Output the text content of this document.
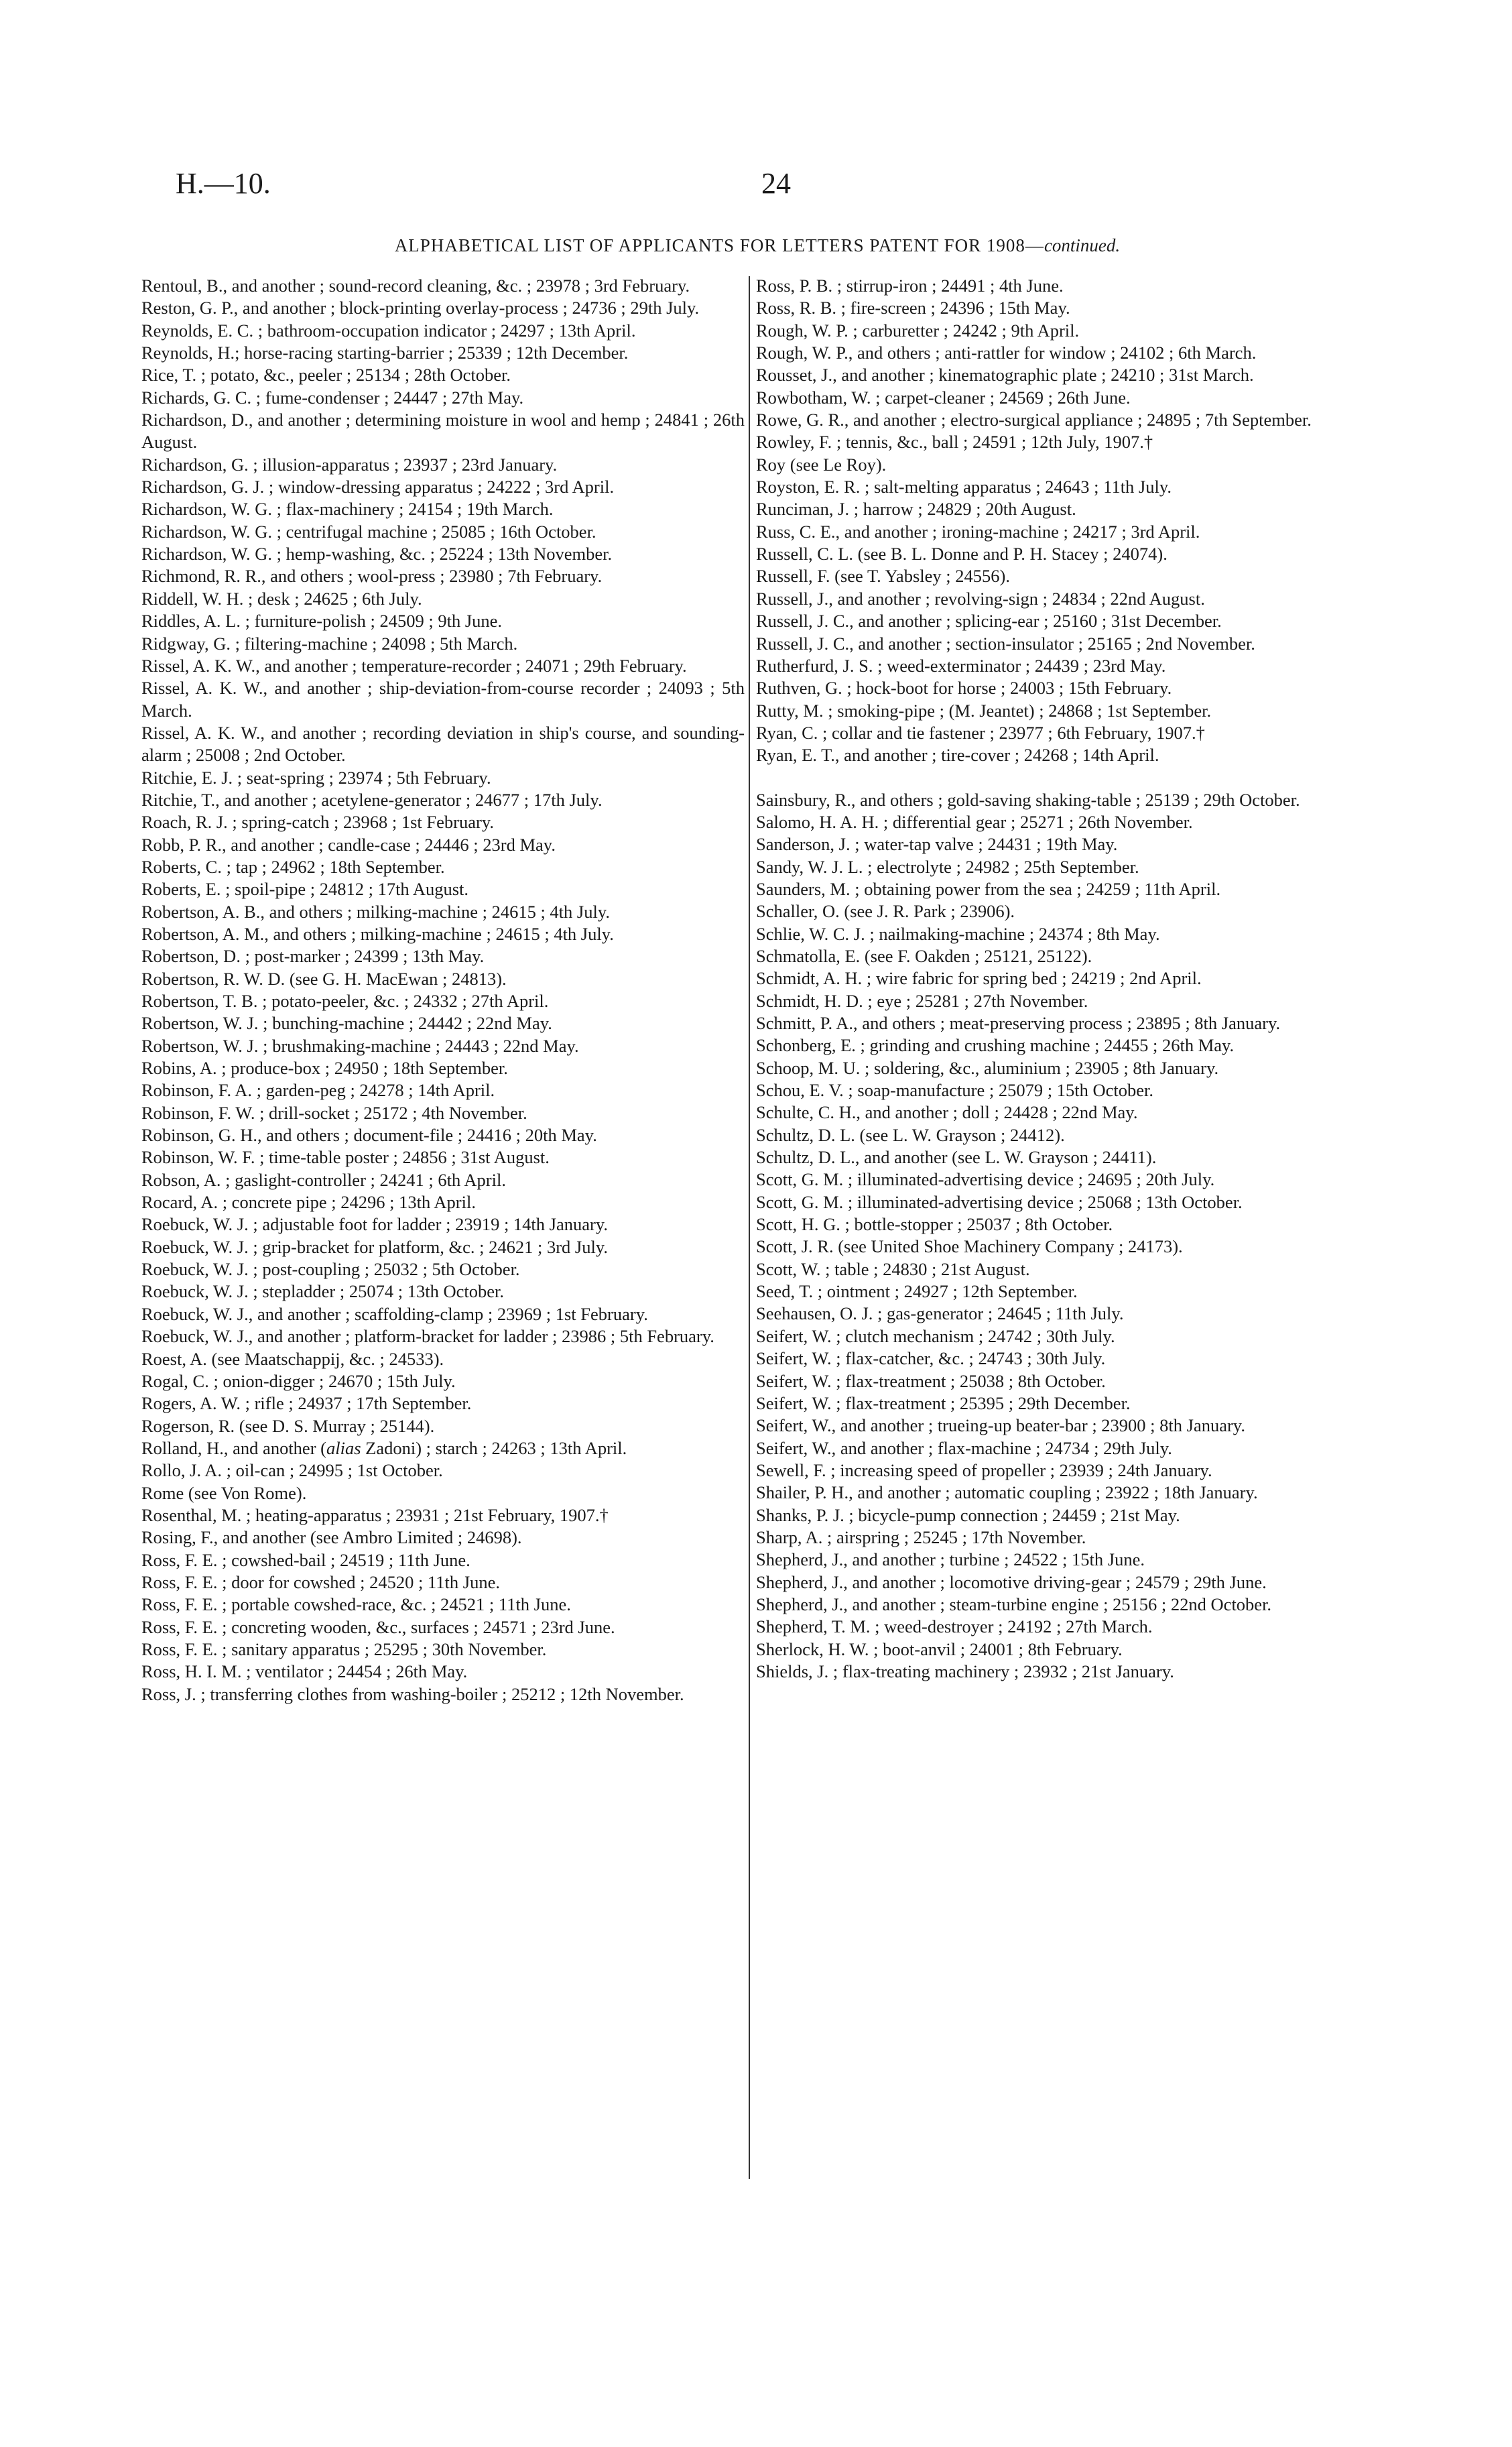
H.—10.	24
ALPHABETICAL LIST OF APPLICANTS FOR LETTERS PATENT FOR 1908—continued.

Rentoul, B., and another ; sound-record cleaning, &c. ; 23978 ; 3rd February.

Reston, G. P., and another ; block-printing overlay-process ; 24736 ; 29th July.

Reynolds, E. C. ; bathroom-occupation indicator ; 24297 ; 13th April.

Reynolds, H.; horse-racing starting-barrier ; 25339 ; 12th December.

Rice, T. ; potato, &c., peeler ; 25134 ; 28th October.

Richards, G. C. ; fume-condenser ; 24447 ; 27th May.

Richardson, D., and another ; determining moisture in wool and hemp ; 24841 ; 26th August.

Richardson, G. ; illusion-apparatus ; 23937 ; 23rd January.

Richardson, G. J. ; window-dressing apparatus ; 24222 ; 3rd April.

Richardson, W. G. ; flax-machinery ; 24154 ; 19th March.

Richardson, W. G. ; centrifugal machine ; 25085 ; 16th October.

Richardson, W. G. ; hemp-washing, &c. ; 25224 ; 13th November.

Richmond, R. R., and others ; wool-press ; 23980 ; 7th February.

Riddell, W. H. ; desk ; 24625 ; 6th July.

Riddles, A. L. ; furniture-polish ; 24509 ; 9th June.

Ridgway, G. ; filtering-machine ; 24098 ; 5th March.

Rissel, A. K. W., and another ; temperature-recorder ; 24071 ; 29th February.

Rissel, A. K. W., and another ; ship-deviation-from-course recorder ; 24093 ; 5th March.

Rissel, A. K. W., and another ; recording deviation in ship's course, and sounding-alarm ; 25008 ; 2nd October.

Ritchie, E. J. ; seat-spring ; 23974 ; 5th February.

Ritchie, T., and another ; acetylene-generator ; 24677 ; 17th July.

Roach, R. J. ; spring-catch ; 23968 ; 1st February.

Robb, P. R., and another ; candle-case ; 24446 ; 23rd May.

Roberts, C. ; tap ; 24962 ; 18th September.

Roberts, E. ; spoil-pipe ; 24812 ; 17th August.

Robertson, A. B., and others ; milking-machine ; 24615 ; 4th July.

Robertson, A. M., and others ; milking-machine ; 24615 ; 4th July.

Robertson, D. ; post-marker ; 24399 ; 13th May.

Robertson, R. W. D. (see G. H. MacEwan ; 24813).

Robertson, T. B. ; potato-peeler, &c. ; 24332 ; 27th April.

Robertson, W. J. ; bunching-machine ; 24442 ; 22nd May.

Robertson, W. J. ; brushmaking-machine ; 24443 ; 22nd May.

Robins, A. ; produce-box ; 24950 ; 18th September.

Robinson, F. A. ; garden-peg ; 24278 ; 14th April.

Robinson, F. W. ; drill-socket ; 25172 ; 4th November.

Robinson, G. H., and others ; document-file ; 24416 ; 20th May.

Robinson, W. F. ; time-table poster ; 24856 ; 31st August.

Robson, A. ; gaslight-controller ; 24241 ; 6th April.

Rocard, A. ; concrete pipe ; 24296 ; 13th April.

Roebuck, W. J. ; adjustable foot for ladder ; 23919 ; 14th January.

Roebuck, W. J. ; grip-bracket for platform, &c. ; 24621 ; 3rd July.

Roebuck, W. J. ; post-coupling ; 25032 ; 5th October.

Roebuck, W. J. ; stepladder ; 25074 ; 13th October.

Roebuck, W. J., and another ; scaffolding-clamp ; 23969 ; 1st February.

Roebuck, W. J., and another ; platform-bracket for ladder ; 23986 ; 5th February.

Roest, A. (see Maatschappij, &c. ; 24533).

Rogal, C. ; onion-digger ; 24670 ; 15th July.

Rogers, A. W. ; rifle ; 24937 ; 17th September.

Rogerson, R. (see D. S. Murray ; 25144).

Rolland, H., and another (alias Zadoni) ; starch ; 24263 ; 13th April.

Rollo, J. A. ; oil-can ; 24995 ; 1st October.

Rome (see Von Rome).

Rosenthal, M. ; heating-apparatus ; 23931 ; 21st February, 1907.†

Rosing, F., and another (see Ambro Limited ; 24698).

Ross, F. E. ; cowshed-bail ; 24519 ; 11th June.

Ross, F. E. ; door for cowshed ; 24520 ; 11th June.

Ross, F. E. ; portable cowshed-race, &c. ; 24521 ; 11th June.

Ross, F. E. ; concreting wooden, &c., surfaces ; 24571 ; 23rd June.

Ross, F. E. ; sanitary apparatus ; 25295 ; 30th November.

Ross, H. I. M. ; ventilator ; 24454 ; 26th May.

Ross, J. ; transferring clothes from washing-boiler ; 25212 ; 12th November.

Ross, P. B. ; stirrup-iron ; 24491 ; 4th June.

Ross, R. B. ; fire-screen ; 24396 ; 15th May.

Rough, W. P. ; carburetter ; 24242 ; 9th April.

Rough, W. P., and others ; anti-rattler for window ; 24102 ; 6th March.

Rousset, J., and another ; kinematographic plate ; 24210 ; 31st March.

Rowbotham, W. ; carpet-cleaner ; 24569 ; 26th June.

Rowe, G. R., and another ; electro-surgical appliance ; 24895 ; 7th September.

Rowley, F. ; tennis, &c., ball ; 24591 ; 12th July, 1907.†

Roy (see Le Roy).

Royston, E. R. ; salt-melting apparatus ; 24643 ; 11th July.

Runciman, J. ; harrow ; 24829 ; 20th August.

Russ, C. E., and another ; ironing-machine ; 24217 ; 3rd April.

Russell, C. L. (see B. L. Donne and P. H. Stacey ; 24074).

Russell, F. (see T. Yabsley ; 24556).

Russell, J., and another ; revolving-sign ; 24834 ; 22nd August.

Russell, J. C., and another ; splicing-ear ; 25160 ; 31st December.

Russell, J. C., and another ; section-insulator ; 25165 ; 2nd November.

Rutherfurd, J. S. ; weed-exterminator ; 24439 ; 23rd May.

Ruthven, G. ; hock-boot for horse ; 24003 ; 15th February.

Rutty, M. ; smoking-pipe ; (M. Jeantet) ; 24868 ; 1st September.

Ryan, C. ; collar and tie fastener ; 23977 ; 6th February, 1907.†

Ryan, E. T., and another ; tire-cover ; 24268 ; 14th April.

Sainsbury, R., and others ; gold-saving shaking-table ; 25139 ; 29th October.

Salomo, H. A. H. ; differential gear ; 25271 ; 26th November.

Sanderson, J. ; water-tap valve ; 24431 ; 19th May.

Sandy, W. J. L. ; electrolyte ; 24982 ; 25th September.

Saunders, M. ; obtaining power from the sea ; 24259 ; 11th April.

Schaller, O. (see J. R. Park ; 23906).

Schlie, W. C. J. ; nailmaking-machine ; 24374 ; 8th May.

Schmatolla, E. (see F. Oakden ; 25121, 25122).

Schmidt, A. H. ; wire fabric for spring bed ; 24219 ; 2nd April.

Schmidt, H. D. ; eye ; 25281 ; 27th November.

Schmitt, P. A., and others ; meat-preserving process ; 23895 ; 8th January.

Schonberg, E. ; grinding and crushing machine ; 24455 ; 26th May.

Schoop, M. U. ; soldering, &c., aluminium ; 23905 ; 8th January.

Schou, E. V. ; soap-manufacture ; 25079 ; 15th October.

Schulte, C. H., and another ; doll ; 24428 ; 22nd May.

Schultz, D. L. (see L. W. Grayson ; 24412).

Schultz, D. L., and another (see L. W. Grayson ; 24411).

Scott, G. M. ; illuminated-advertising device ; 24695 ; 20th July.

Scott, G. M. ; illuminated-advertising device ; 25068 ; 13th October.

Scott, H. G. ; bottle-stopper ; 25037 ; 8th October.

Scott, J. R. (see United Shoe Machinery Company ; 24173).

Scott, W. ; table ; 24830 ; 21st August.

Seed, T. ; ointment ; 24927 ; 12th September.

Seehausen, O. J. ; gas-generator ; 24645 ; 11th July.

Seifert, W. ; clutch mechanism ; 24742 ; 30th July.

Seifert, W. ; flax-catcher, &c. ; 24743 ; 30th July.

Seifert, W. ; flax-treatment ; 25038 ; 8th October.

Seifert, W. ; flax-treatment ; 25395 ; 29th December.

Seifert, W., and another ; trueing-up beater-bar ; 23900 ; 8th January.

Seifert, W., and another ; flax-machine ; 24734 ; 29th July.

Sewell, F. ; increasing speed of propeller ; 23939 ; 24th January.

Shailer, P. H., and another ; automatic coupling ; 23922 ; 18th January.

Shanks, P. J. ; bicycle-pump connection ; 24459 ; 21st May.

Sharp, A. ; airspring ; 25245 ; 17th November.

Shepherd, J., and another ; turbine ; 24522 ; 15th June.

Shepherd, J., and another ; locomotive driving-gear ; 24579 ; 29th June.

Shepherd, J., and another ; steam-turbine engine ; 25156 ; 22nd October.

Shepherd, T. M. ; weed-destroyer ; 24192 ; 27th March.

Sherlock, H. W. ; boot-anvil ; 24001 ; 8th February.

Shields, J. ; flax-treating machinery ; 23932 ; 21st January.
